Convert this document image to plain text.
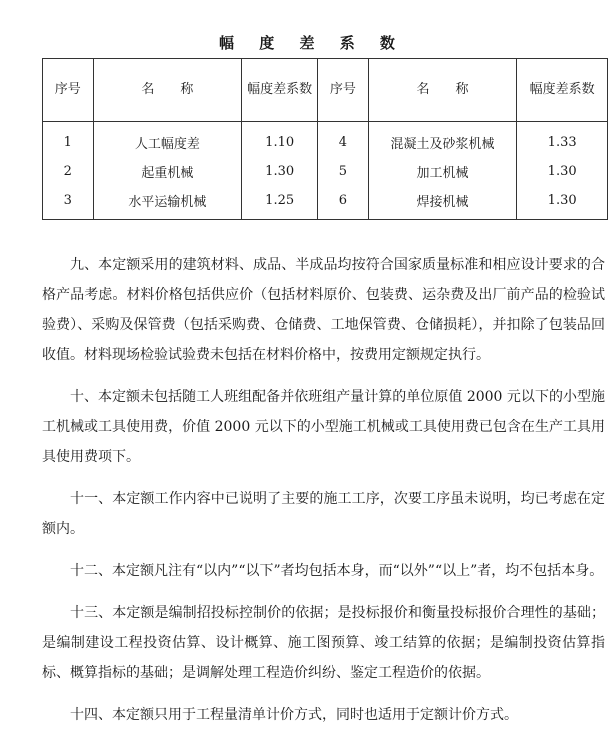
幅 度 差 系 数
序号	名　　称	幅度差系数	序号	名　　称	幅度差系数
1	人工幅度差	1.10	4	混凝土及砂浆机械	1.33
2	起重机械	1.30	5	加工机械	1.30
3	水平运输机械	1.25	6	焊接机械	1.30

九、本定额采用的建筑材料、成品、半成品均按符合国家质量标准和相应设计要求的合格产品考虑。材料价格包括供应价（包括材料原价、包装费、运杂费及出厂前产品的检验试验费）、采购及保管费（包括采购费、仓储费、工地保管费、仓储损耗），并扣除了包装品回收值。材料现场检验试验费未包括在材料价格中，按费用定额规定执行。

十、本定额未包括随工人班组配备并依班组产量计算的单位原值 2000 元以下的小型施工机械或工具使用费，价值 2000 元以下的小型施工机械或工具使用费已包含在生产工具用具使用费项下。

十一、本定额工作内容中已说明了主要的施工工序，次要工序虽未说明，均已考虑在定额内。

十二、本定额凡注有“以内”“以下”者均包括本身，而“以外”“以上”者，均不包括本身。

十三、本定额是编制招投标控制价的依据；是投标报价和衡量投标报价合理性的基础；是编制建设工程投资估算、设计概算、施工图预算、竣工结算的依据；是编制投资估算指标、概算指标的基础；是调解处理工程造价纠纷、鉴定工程造价的依据。

十四、本定额只用于工程量清单计价方式，同时也适用于定额计价方式。
